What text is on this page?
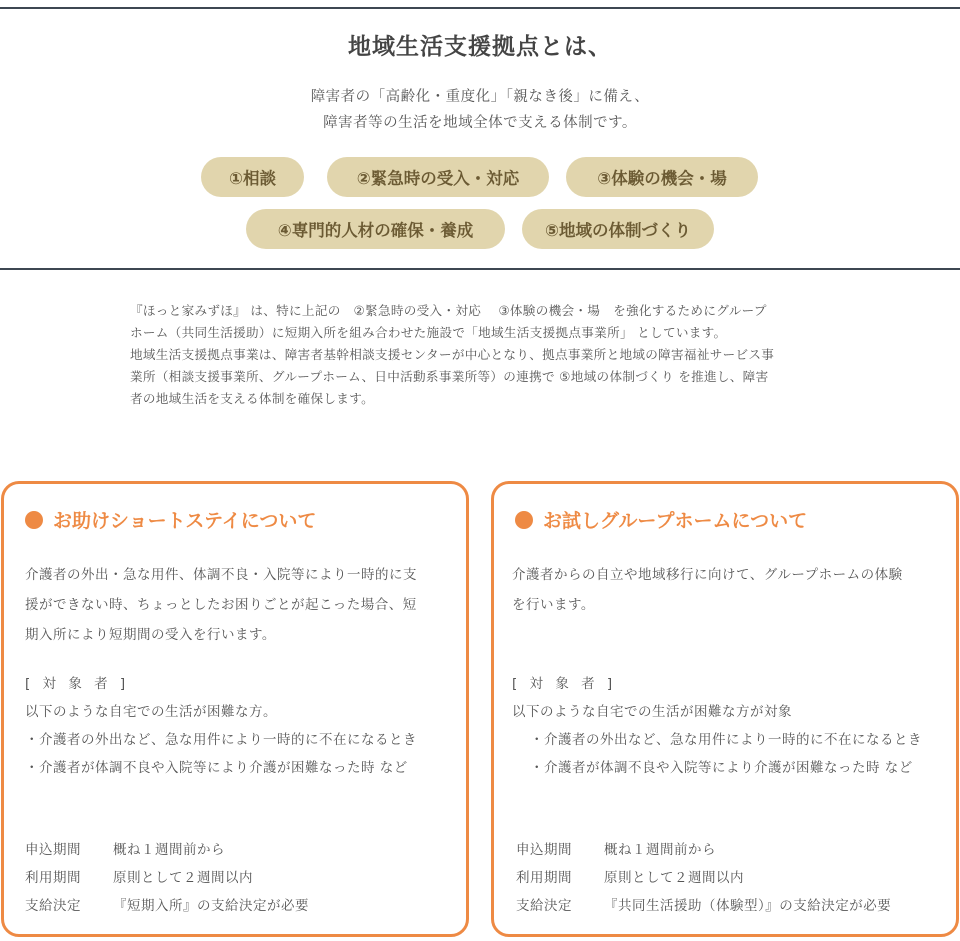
地域生活支援拠点とは、
障害者の「高齢化・重度化」「親なき後」に備え、
障害者等の生活を地域全体で支える体制です。
①相談	②緊急時の受入・対応	③体験の機会・場
④専門的人材の確保・養成	⑤地域の体制づくり

『ほっと家みずほ』 は、特に上記の　②緊急時の受入・対応　 ③体験の機会・場　を強化するためにグループ

ホーム（共同生活援助）に短期入所を組み合わせた施設で「地域生活支援拠点事業所」 としています。

地域生活支援拠点事業は、障害者基幹相談支援センターが中心となり、拠点事業所と地域の障害福祉サービス事

業所（相談支援事業所、グループホーム、日中活動系事業所等）の連携で ⑤地域の体制づくり を推進し、障害

者の地域生活を支える体制を確保します。

お助けショートステイについて

介護者の外出・急な用件、体調不良・入院等により一時的に支

援ができない時、ちょっとしたお困りごとが起こった場合、短

期入所により短期間の受入を行います。

[ 対 象 者 ]

以下のような自宅での生活が困難な方。

・介護者の外出など、急な用件により一時的に不在になるとき

・介護者が体調不良や入院等により介護が困難なった時 など

申込期間	概ね１週間前から
利用期間	原則として２週間以内
支給決定	『短期入所』の支給決定が必要
お試しグループホームについて

介護者からの自立や地域移行に向けて、グループホームの体験

を行います。

[ 対 象 者 ]

以下のような自宅での生活が困難な方が対象

・介護者の外出など、急な用件により一時的に不在になるとき

・介護者が体調不良や入院等により介護が困難なった時 など

申込期間	概ね１週間前から
利用期間	原則として２週間以内
支給決定	『共同生活援助（体験型）』の支給決定が必要
